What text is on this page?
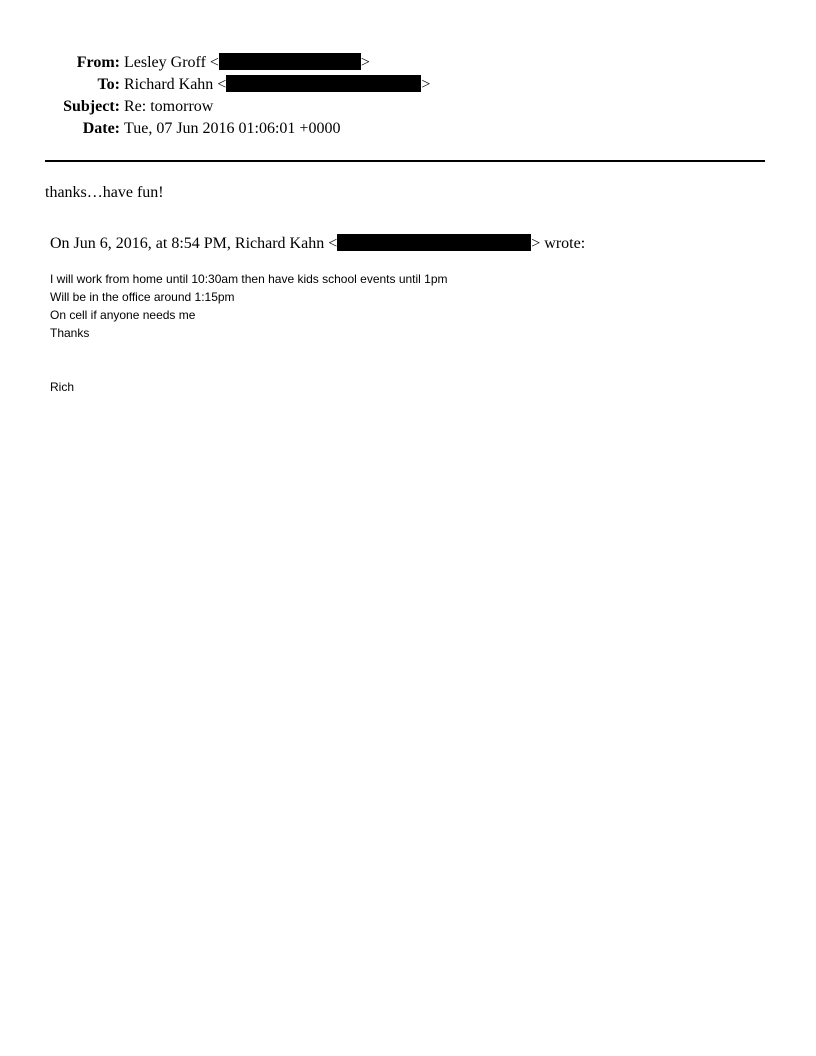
From: Lesley Groff <	>
To: Richard Kahn <	>
Subject: Re: tomorrow
Date: Tue, 07 Jun 2016 01:06:01 +0000
thanks…have fun!
On Jun 6, 2016, at 8:54 PM, Richard Kahn <	> wrote:
I will work from home until 10:30am then have kids school events until 1pm
Will be in the office around 1:15pm
On cell if anyone needs me
Thanks
Rich
